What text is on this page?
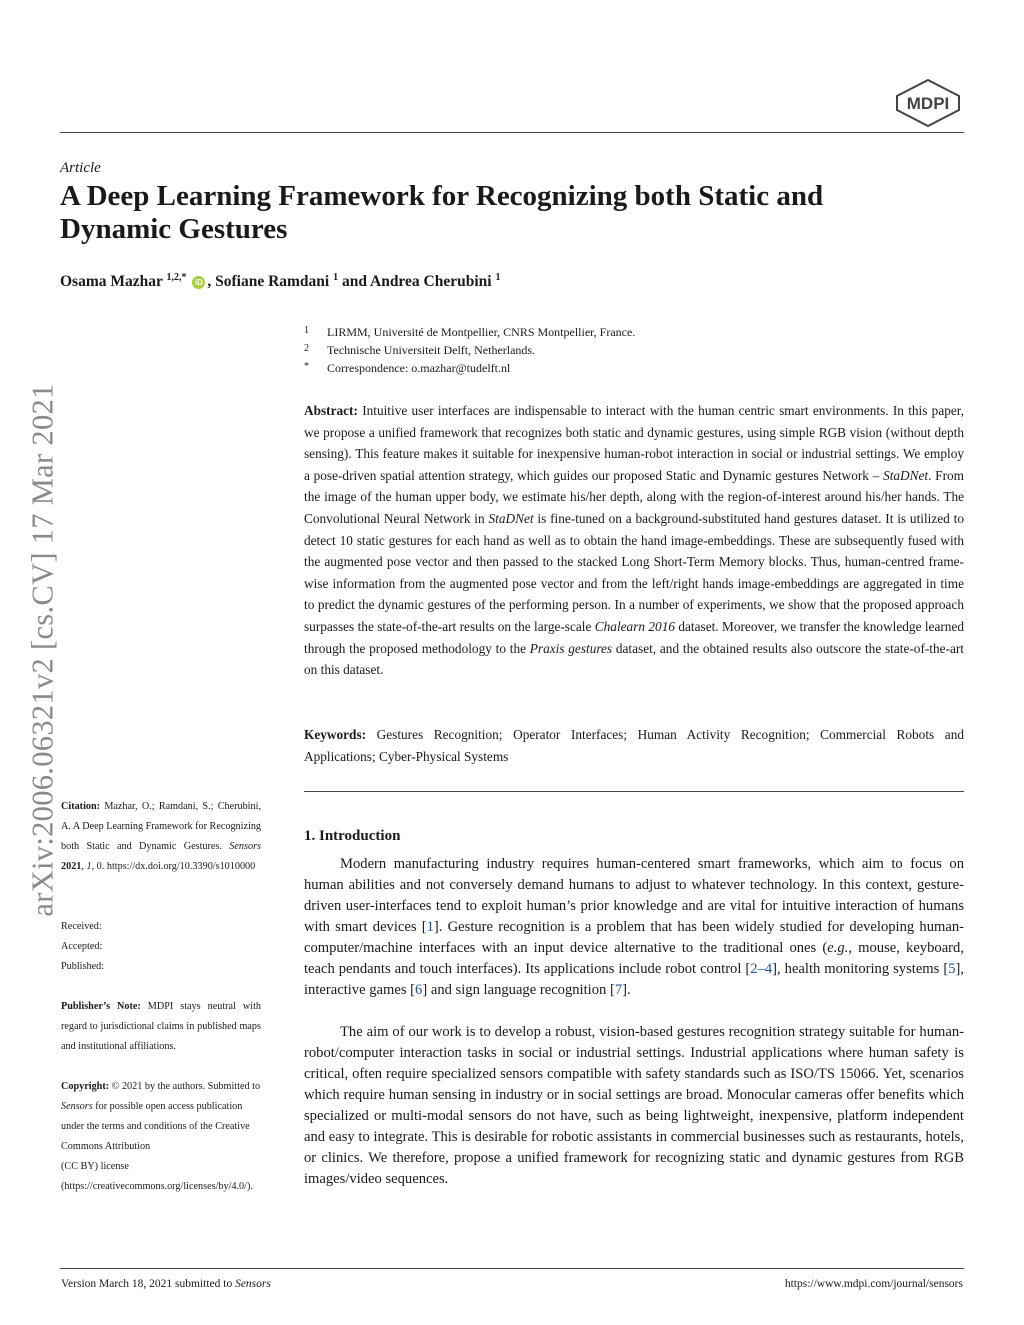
MDPI
Article
A Deep Learning Framework for Recognizing both Static and Dynamic Gestures
Osama Mazhar $^{1,2,*}$ iD , Sofiane Ramdani $^1$ and Andrea Cherubini $^1$
arXiv:2006.06321v2 [cs.CV] 17 Mar 2021
1	LIRMM, Université de Montpellier, CNRS Montpellier, France.
2	Technische Universiteit Delft, Netherlands.
*	Correspondence: o.mazhar@tudelft.nl
Abstract: Intuitive user interfaces are indispensable to interact with the human centric smart environments. In this paper, we propose a unified framework that recognizes both static and dynamic gestures, using simple RGB vision (without depth sensing). This feature makes it suitable for inexpensive human-robot interaction in social or industrial settings. We employ a pose-driven spatial attention strategy, which guides our proposed Static and Dynamic gestures Network – StaDNet. From the image of the human upper body, we estimate his/her depth, along with the region-of-interest around his/her hands. The Convolutional Neural Network in StaDNet is fine-tuned on a background-substituted hand gestures dataset. It is utilized to detect 10 static gestures for each hand as well as to obtain the hand image-embeddings. These are subsequently fused with the augmented pose vector and then passed to the stacked Long Short-Term Memory blocks. Thus, human-centred frame-wise information from the augmented pose vector and from the left/right hands image-embeddings are aggregated in time to predict the dynamic gestures of the performing person. In a number of experiments, we show that the proposed approach surpasses the state-of-the-art results on the large-scale Chalearn 2016 dataset. Moreover, we transfer the knowledge learned through the proposed methodology to the Praxis gestures dataset, and the obtained results also outscore the state-of-the-art on this dataset.
Keywords: Gestures Recognition; Operator Interfaces; Human Activity Recognition; Commercial Robots and Applications; Cyber-Physical Systems
Citation: Mazhar, O.; Ramdani, S.; Cherubini, A. A Deep Learning Framework for Recognizing both Static and Dynamic Gestures. Sensors 2021, 1, 0. https://dx.doi.org/10.3390/s1010000
Received:
Accepted:
Published:
Publisher’s Note: MDPI stays neutral with regard to jurisdictional claims in published maps and institutional affiliations.
Copyright: © 2021 by the authors. Submitted to Sensors for possible open access publication under the terms and conditions of the Creative Commons Attribution
(CC BY) license (https://creativecommons.org/licenses/by/4.0/).
1. Introduction
Modern manufacturing industry requires human-centered smart frameworks, which aim to focus on human abilities and not conversely demand humans to adjust to whatever technology. In this context, gesture-driven user-interfaces tend to exploit human’s prior knowledge and are vital for intuitive interaction of humans with smart devices [1]. Gesture recognition is a problem that has been widely studied for developing human-computer/machine interfaces with an input device alternative to the traditional ones (e.g., mouse, keyboard, teach pendants and touch interfaces). Its applications include robot control [2–4], health monitoring systems [5], interactive games [6] and sign language recognition [7].
The aim of our work is to develop a robust, vision-based gestures recognition strategy suitable for human-robot/computer interaction tasks in social or industrial settings. Industrial applications where human safety is critical, often require specialized sensors compatible with safety standards such as ISO/TS 15066. Yet, scenarios which require human sensing in industry or in social settings are broad. Monocular cameras offer benefits which specialized or multi-modal sensors do not have, such as being lightweight, inexpensive, platform independent and easy to integrate. This is desirable for robotic assistants in commercial businesses such as restaurants, hotels, or clinics. We therefore, propose a unified framework for recognizing static and dynamic gestures from RGB images/video sequences.
Version March 18, 2021 submitted to Sensors	https://www.mdpi.com/journal/sensors
